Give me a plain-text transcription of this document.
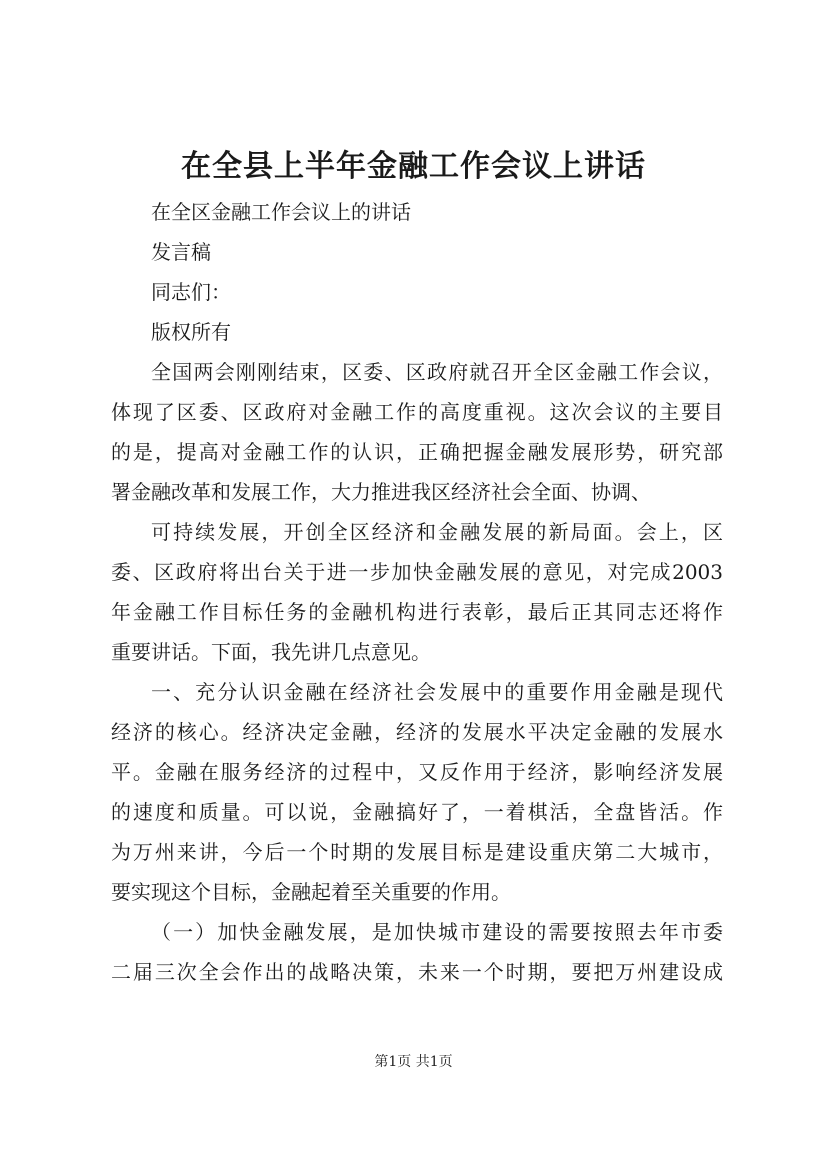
在全县上半年金融工作会议上讲话
在全区金融工作会议上的讲话
发言稿
同志们：
版权所有
全国两会刚刚结束，区委、区政府就召开全区金融工作会议，
体现了区委、区政府对金融工作的高度重视。这次会议的主要目
的是，提高对金融工作的认识，正确把握金融发展形势，研究部
署金融改革和发展工作，大力推进我区经济社会全面、协调、
可持续发展，开创全区经济和金融发展的新局面。会上，区
委、区政府将出台关于进一步加快金融发展的意见，对完成2003
年金融工作目标任务的金融机构进行表彰，最后正其同志还将作
重要讲话。下面，我先讲几点意见。
一、充分认识金融在经济社会发展中的重要作用金融是现代
经济的核心。经济决定金融，经济的发展水平决定金融的发展水
平。金融在服务经济的过程中，又反作用于经济，影响经济发展
的速度和质量。可以说，金融搞好了，一着棋活，全盘皆活。作
为万州来讲，今后一个时期的发展目标是建设重庆第二大城市，
要实现这个目标，金融起着至关重要的作用。
（一）加快金融发展，是加快城市建设的需要按照去年市委
二届三次全会作出的战略决策，未来一个时期，要把万州建设成
第1页 共1页
